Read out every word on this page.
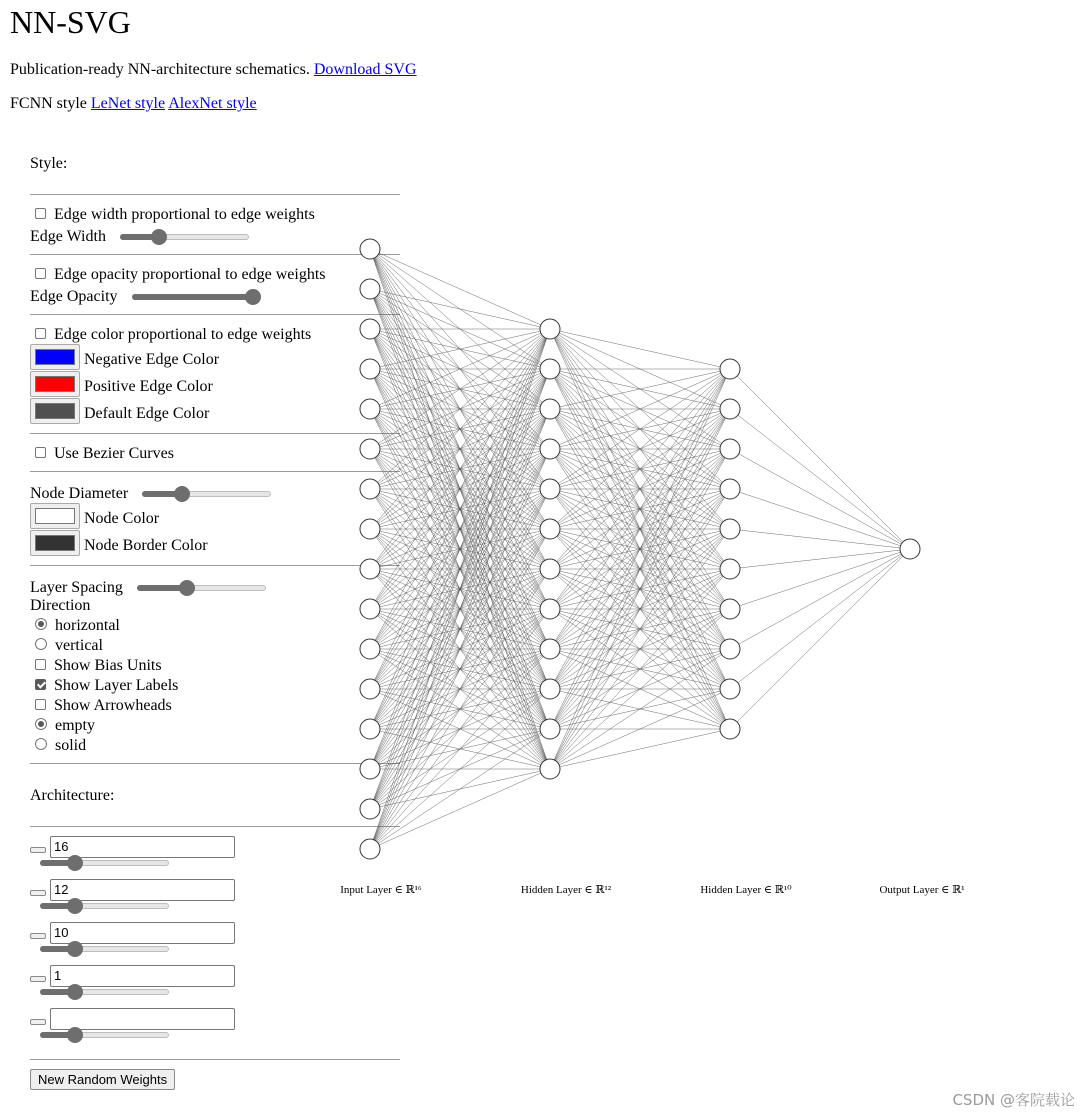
NN-SVG
Publication-ready NN-architecture schematics. Download SVG
FCNN style LeNet style AlexNet style
Style:
Edge width proportional to edge weights
Edge Width
Edge opacity proportional to edge weights
Edge Opacity
Edge color proportional to edge weights
Negative Edge Color
Positive Edge Color
Default Edge Color
Use Bezier Curves
Node Diameter
Node Color
Node Border Color
Layer Spacing
Direction
horizontal
vertical
Show Bias Units
Show Layer Labels
Show Arrowheads
empty
solid
Architecture:
16
12
10
1
New Random Weights
Input Layer ∈ ℝ¹⁶	Hidden Layer ∈ ℝ¹²	Hidden Layer ∈ ℝ¹⁰	Output Layer ∈ ℝ¹
CSDN @客院载论
